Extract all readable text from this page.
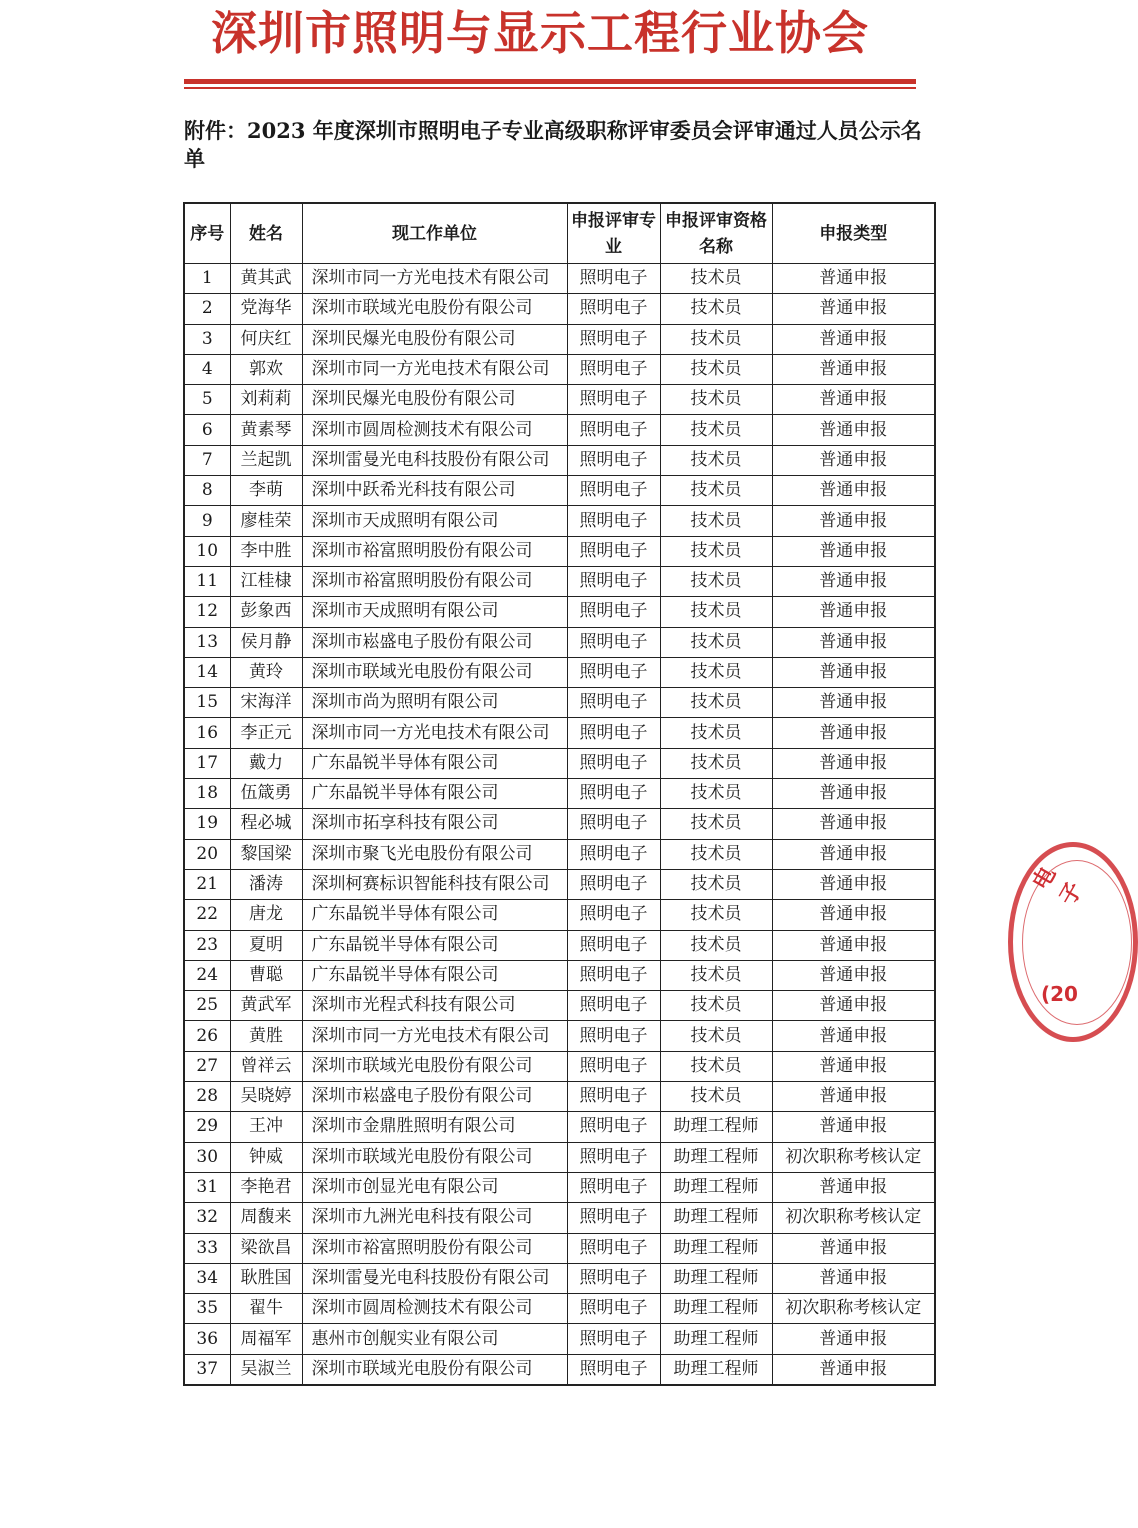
深圳市照明与显示工程行业协会
附件：2023 年度深圳市照明电子专业高级职称评审委员会评审通过人员公示名单
序号	姓名	现工作单位	申报评审专业	申报评审资格名称	申报类型
1	黄其武	深圳市同一方光电技术有限公司	照明电子	技术员	普通申报
2	党海华	深圳市联域光电股份有限公司	照明电子	技术员	普通申报
3	何庆红	深圳民爆光电股份有限公司	照明电子	技术员	普通申报
4	郭欢	深圳市同一方光电技术有限公司	照明电子	技术员	普通申报
5	刘莉莉	深圳民爆光电股份有限公司	照明电子	技术员	普通申报
6	黄素琴	深圳市圆周检测技术有限公司	照明电子	技术员	普通申报
7	兰起凯	深圳雷曼光电科技股份有限公司	照明电子	技术员	普通申报
8	李萌	深圳中跃希光科技有限公司	照明电子	技术员	普通申报
9	廖桂荣	深圳市天成照明有限公司	照明电子	技术员	普通申报
10	李中胜	深圳市裕富照明股份有限公司	照明电子	技术员	普通申报
11	江桂棣	深圳市裕富照明股份有限公司	照明电子	技术员	普通申报
12	彭象西	深圳市天成照明有限公司	照明电子	技术员	普通申报
13	侯月静	深圳市崧盛电子股份有限公司	照明电子	技术员	普通申报
14	黄玲	深圳市联域光电股份有限公司	照明电子	技术员	普通申报
15	宋海洋	深圳市尚为照明有限公司	照明电子	技术员	普通申报
16	李正元	深圳市同一方光电技术有限公司	照明电子	技术员	普通申报
17	戴力	广东晶锐半导体有限公司	照明电子	技术员	普通申报
18	伍箴勇	广东晶锐半导体有限公司	照明电子	技术员	普通申报
19	程必城	深圳市拓享科技有限公司	照明电子	技术员	普通申报
20	黎国梁	深圳市聚飞光电股份有限公司	照明电子	技术员	普通申报
21	潘涛	深圳柯赛标识智能科技有限公司	照明电子	技术员	普通申报
22	唐龙	广东晶锐半导体有限公司	照明电子	技术员	普通申报
23	夏明	广东晶锐半导体有限公司	照明电子	技术员	普通申报
24	曹聪	广东晶锐半导体有限公司	照明电子	技术员	普通申报
25	黄武军	深圳市光程式科技有限公司	照明电子	技术员	普通申报
26	黄胜	深圳市同一方光电技术有限公司	照明电子	技术员	普通申报
27	曾祥云	深圳市联域光电股份有限公司	照明电子	技术员	普通申报
28	吴晓婷	深圳市崧盛电子股份有限公司	照明电子	技术员	普通申报
29	王冲	深圳市金鼎胜照明有限公司	照明电子	助理工程师	普通申报
30	钟威	深圳市联域光电股份有限公司	照明电子	助理工程师	初次职称考核认定
31	李艳君	深圳市创显光电有限公司	照明电子	助理工程师	普通申报
32	周馥来	深圳市九洲光电科技有限公司	照明电子	助理工程师	初次职称考核认定
33	梁欲昌	深圳市裕富照明股份有限公司	照明电子	助理工程师	普通申报
34	耿胜国	深圳雷曼光电科技股份有限公司	照明电子	助理工程师	普通申报
35	翟牛	深圳市圆周检测技术有限公司	照明电子	助理工程师	初次职称考核认定
36	周福军	惠州市创舰实业有限公司	照明电子	助理工程师	普通申报
37	吴淑兰	深圳市联域光电股份有限公司	照明电子	助理工程师	普通申报
电子
(20
